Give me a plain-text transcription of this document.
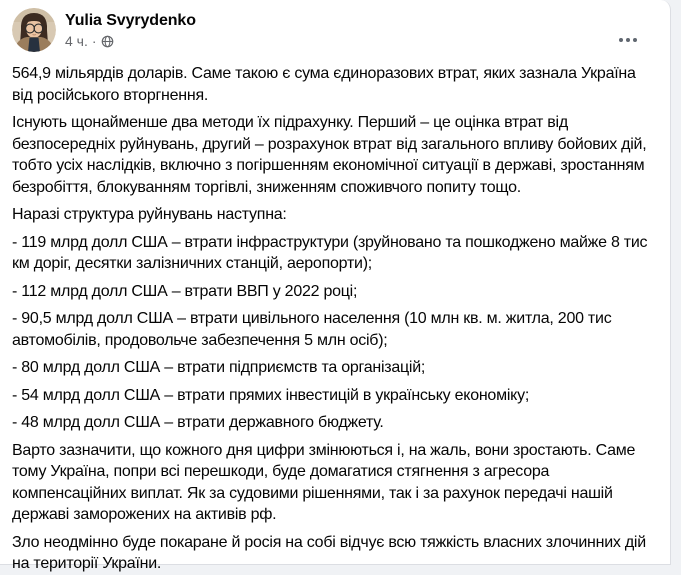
Yulia Svyrydenko
4 ч. ·

564,9 мільярдів доларів. Саме такою є сума єдиноразових втрат, яких зазнала Україна від російського вторгнення.

Існують щонайменше два методи їх підрахунку. Перший – це оцінка втрат від безпосередніх руйнувань, другий – розрахунок втрат від загального впливу бойових дій, тобто усіх наслідків, включно з погіршенням економічної ситуації в державі, зростанням безробіття, блокуванням торгівлі, зниженням споживчого попиту тощо.

Наразі структура руйнувань наступна:

- 119 млрд долл США – втрати інфраструктури (зруйновано та пошкоджено майже 8 тис км доріг, десятки залізничних станцій, аеропорти);

- 112 млрд долл США – втрати ВВП у 2022 році;

- 90,5 млрд долл США – втрати цивільного населення (10 млн кв. м. житла, 200 тис автомобілів, продовольче забезпечення 5 млн осіб);

- 80 млрд долл США – втрати підприємств та організацій;

- 54 млрд долл США – втрати прямих інвестицій в українську економіку;

- 48 млрд долл США – втрати державного бюджету.

Варто зазначити, що кожного дня цифри змінюються і, на жаль, вони зростають. Саме тому Україна, попри всі перешкоди, буде домагатися стягнення з агресора компенсаційних виплат. Як за судовими рішеннями, так і за рахунок передачі нашій державі заморожених на активів рф.

Зло неодмінно буде покаране й росія на собі відчує всю тяжкість власних злочинних дій на території України.
